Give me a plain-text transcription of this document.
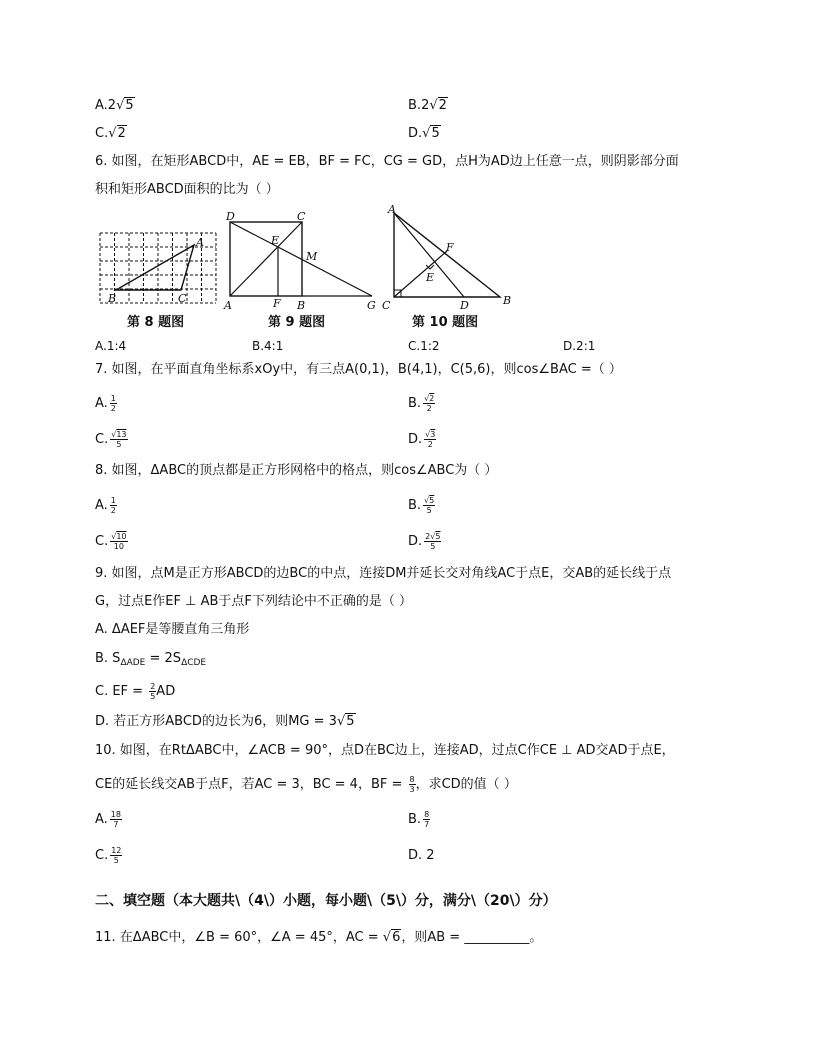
A.2√5	B.2√2
C.√2	D.√5
6. 如图，在矩形ABCD中，AE = EB，BF = FC，CG = GD，点H为AD边上任意一点，则阴影部分面
积和矩形ABCD面积的比为（ ）
A
B	C
第 8 题图
D	C
E
M
A	F B	G
第 9 题图
A
F
E
C	D	B
第 10 题图
A.1:4	B.4:1	C.1:2	D.2:1
7. 如图，在平面直角坐标系xOy中，有三点A(0,1)，B(4,1)，C(5,6)，则cos∠BAC =（ ）
A. $\frac{1}{2}$	B. $\frac{√2}{2}$
C. $\frac{√13}{5}$	D. $\frac{√3}{2}$
8. 如图，ΔABC的顶点都是正方形网格中的格点，则cos∠ABC为（ ）
A. $\frac{1}{2}$	B. $\frac{√5}{5}$
C. $\frac{√10}{10}$	D. $\frac{2√5}{5}$
9. 如图，点M是正方形ABCD的边BC的中点，连接DM并延长交对角线AC于点E，交AB的延长线于点
G，过点E作EF ⊥ AB于点F下列结论中不正确的是（ ）
A. ΔAEF是等腰直角三角形
B. $S_{\Delta ADE} = 2S_{\Delta CDE}$
C. EF = $\frac{2}{5}$ AD
D. 若正方形ABCD的边长为6，则MG = 3√5
10. 如图，在RtΔABC中，∠ACB = 90°，点D在BC边上，连接AD，过点C作CE ⊥ AD交AD于点E，
CE的延长线交AB于点F，若AC = 3，BC = 4，BF = $\frac{8}{3}$ ，求CD的值（ ）
A. $\frac{18}{7}$	B. $\frac{8}{7}$
C. $\frac{12}{5}$	D. 2
二、填空题（本大题共\（4\）小题，每小题\（5\）分，满分\（20\）分）
11. 在ΔABC中，∠B = 60°，∠A = 45°，AC = √6，则AB = __________。
